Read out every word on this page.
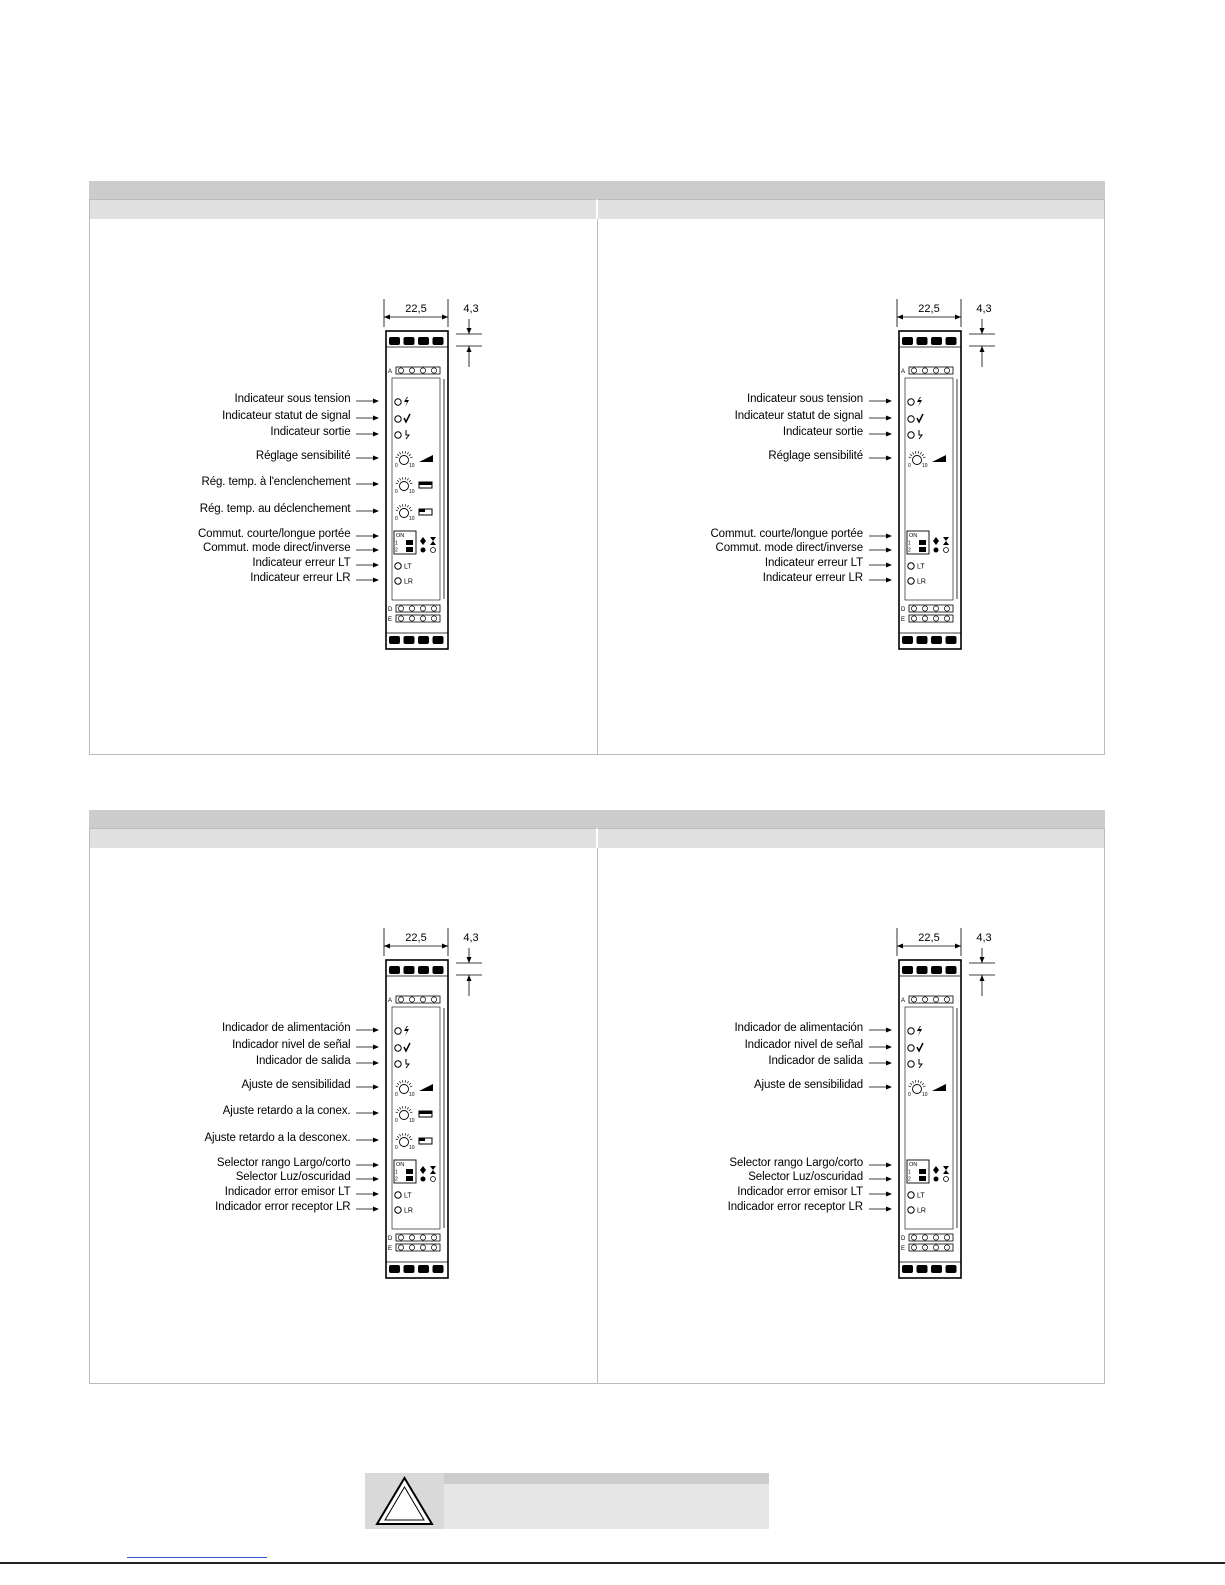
22,5	4,3
A
D
E
0 10
0 10
0 10
ON
1
2
LT
LR
Indicateur sous tension
Indicateur statut de signal
Indicateur sortie
Réglage sensibilité
Rég. temp. à l'enclenchement
Rég. temp. au déclenchement
Commut. courte/longue portée
Commut. mode direct/inverse
Indicateur erreur LT
Indicateur erreur LR
22,5	4,3
A
D
E
0 10
ON
1
2
LT
LR
Indicateur sous tension
Indicateur statut de signal
Indicateur sortie
Réglage sensibilité
Commut. courte/longue portée
Commut. mode direct/inverse
Indicateur erreur LT
Indicateur erreur LR
22,5	4,3
A
D
E
0 10
0 10
0 10
ON
1
2
LT
LR
Indicador de alimentación
Indicador nivel de señal
Indicador de salida
Ajuste de sensibilidad
Ajuste retardo a la conex.
Ajuste retardo a la desconex.
Selector rango Largo/corto
Selector Luz/oscuridad
Indicador error emisor LT
Indicador error receptor LR
22,5	4,3
A
D
E
0 10
ON
1
2
LT
LR
Indicador de alimentación
Indicador nivel de señal
Indicador de salida
Ajuste de sensibilidad
Selector rango Largo/corto
Selector Luz/oscuridad
Indicador error emisor LT
Indicador error receptor LR
